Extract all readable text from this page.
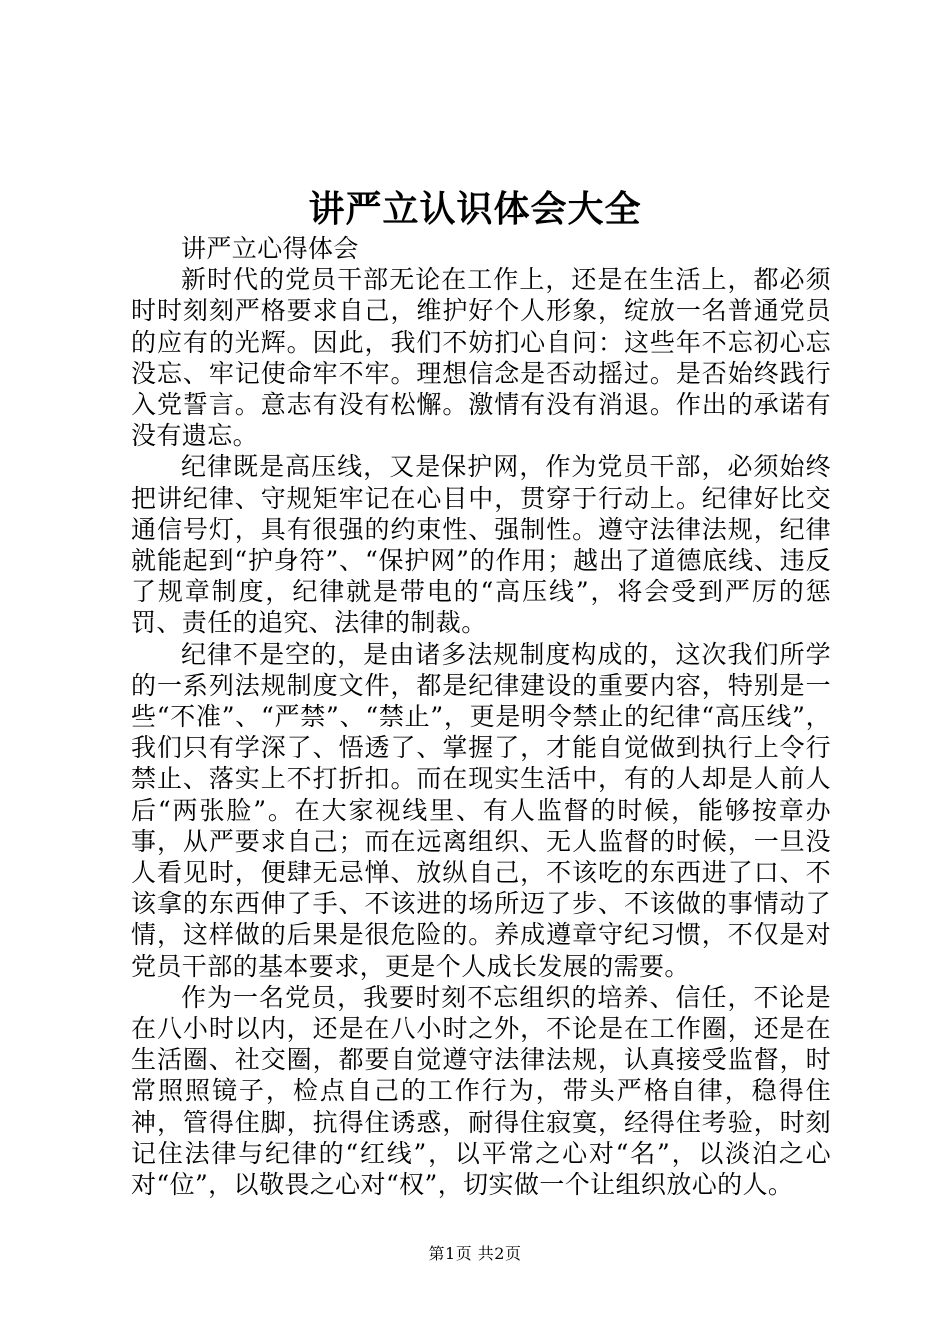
讲严立认识体会大全

讲严立心得体会

新时代的党员干部无论在工作上，还是在生活上，都必须时时刻刻严格要求自己，维护好个人形象，绽放一名普通党员的应有的光辉。因此，我们不妨扪心自问：这些年不忘初心忘没忘、牢记使命牢不牢。理想信念是否动摇过。是否始终践行入党誓言。意志有没有松懈。激情有没有消退。作出的承诺有没有遗忘。

纪律既是高压线，又是保护网，作为党员干部，必须始终把讲纪律、守规矩牢记在心目中，贯穿于行动上。纪律好比交通信号灯，具有很强的约束性、强制性。遵守法律法规，纪律就能起到“护身符”、“保护网”的作用；越出了道德底线、违反了规章制度，纪律就是带电的“高压线”，将会受到严厉的惩罚、责任的追究、法律的制裁。

纪律不是空的，是由诸多法规制度构成的，这次我们所学的一系列法规制度文件，都是纪律建设的重要内容，特别是一些“不准”、“严禁”、“禁止”，更是明令禁止的纪律“高压线”，我们只有学深了、悟透了、掌握了，才能自觉做到执行上令行禁止、落实上不打折扣。而在现实生活中，有的人却是人前人后“两张脸”。在大家视线里、有人监督的时候，能够按章办事，从严要求自己；而在远离组织、无人监督的时候，一旦没人看见时，便肆无忌惮、放纵自己，不该吃的东西进了口、不该拿的东西伸了手、不该进的场所迈了步、不该做的事情动了情，这样做的后果是很危险的。养成遵章守纪习惯，不仅是对党员干部的基本要求，更是个人成长发展的需要。

作为一名党员，我要时刻不忘组织的培养、信任，不论是在八小时以内，还是在八小时之外，不论是在工作圈，还是在生活圈、社交圈，都要自觉遵守法律法规，认真接受监督，时常照照镜子，检点自己的工作行为，带头严格自律，稳得住神，管得住脚，抗得住诱惑，耐得住寂寞，经得住考验，时刻记住法律与纪律的“红线”，以平常之心对“名”，以淡泊之心对“位”，以敬畏之心对“权”，切实做一个让组织放心的人。

第1页 共2页
